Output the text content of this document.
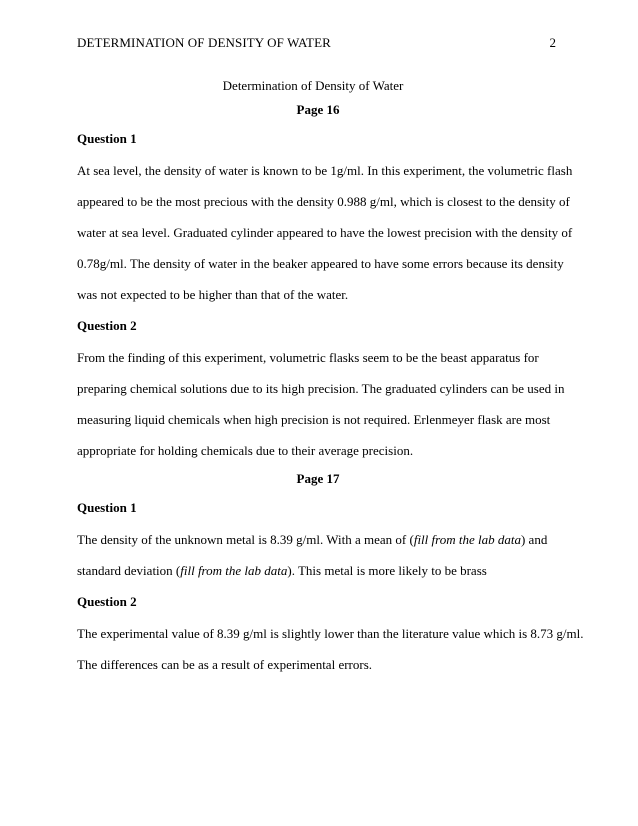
DETERMINATION OF DENSITY OF WATER	2
Determination of Density of Water
Page 16
Question 1
At sea level, the density of water is known to be 1g/ml. In this experiment, the volumetric flash
appeared to be the most precious with the density 0.988 g/ml, which is closest to the density of
water at sea level. Graduated cylinder appeared to have the lowest precision with the density of
0.78g/ml. The density of water in the beaker appeared to have some errors because its density
was not expected to be higher than that of the water.
Question 2
From the finding of this experiment, volumetric flasks seem to be the beast apparatus for
preparing chemical solutions due to its high precision. The graduated cylinders can be used in
measuring liquid chemicals when high precision is not required. Erlenmeyer flask are most
appropriate for holding chemicals due to their average precision.
Page 17
Question 1
The density of the unknown metal is 8.39 g/ml. With a mean of (fill from the lab data) and
standard deviation (fill from the lab data). This metal is more likely to be brass
Question 2
The experimental value of 8.39 g/ml is slightly lower than the literature value which is 8.73 g/ml.
The differences can be as a result of experimental errors.
